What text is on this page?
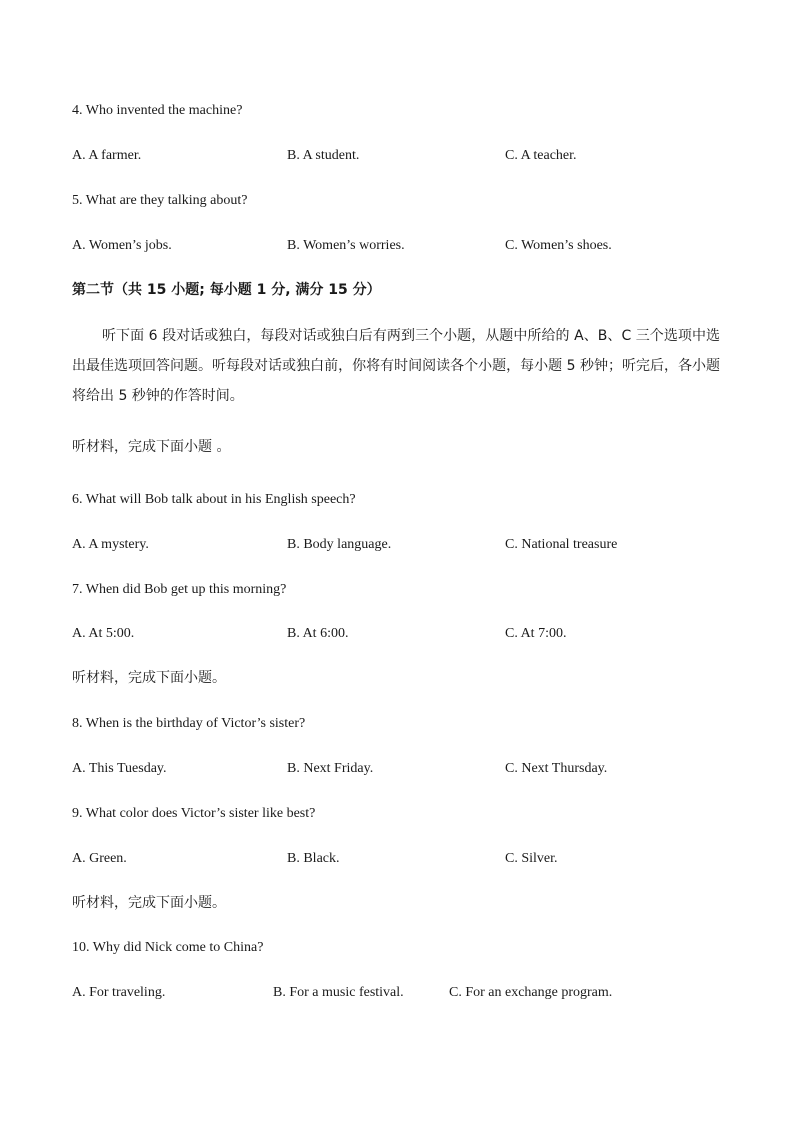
4. Who invented the machine?
A. A farmer.	B. A student.	C. A teacher.
5. What are they talking about?
A. Women’s jobs.	B. Women’s worries.	C. Women’s shoes.
第二节（共 15 小题; 每小题 1 分, 满分 15 分）
听下面 6 段对话或独白，每段对话或独白后有两到三个小题，从题中所给的 A、B、C 三个选项中选出最佳选项回答问题。听每段对话或独白前，你将有时间阅读各个小题，每小题 5 秒钟；听完后，各小题将给出 5 秒钟的作答时间。
听材料，完成下面小题 。
6. What will Bob talk about in his English speech?
A. A mystery.	B. Body language.	C. National treasure
7. When did Bob get up this morning?
A. At 5:00.	B. At 6:00.	C. At 7:00.
听材料，完成下面小题。
8. When is the birthday of Victor’s sister?
A. This Tuesday.	B. Next Friday.	C. Next Thursday.
9. What color does Victor’s sister like best?
A. Green.	B. Black.	C. Silver.
听材料，完成下面小题。
10. Why did Nick come to China?
A. For traveling.	B. For a music festival.	C. For an exchange program.
